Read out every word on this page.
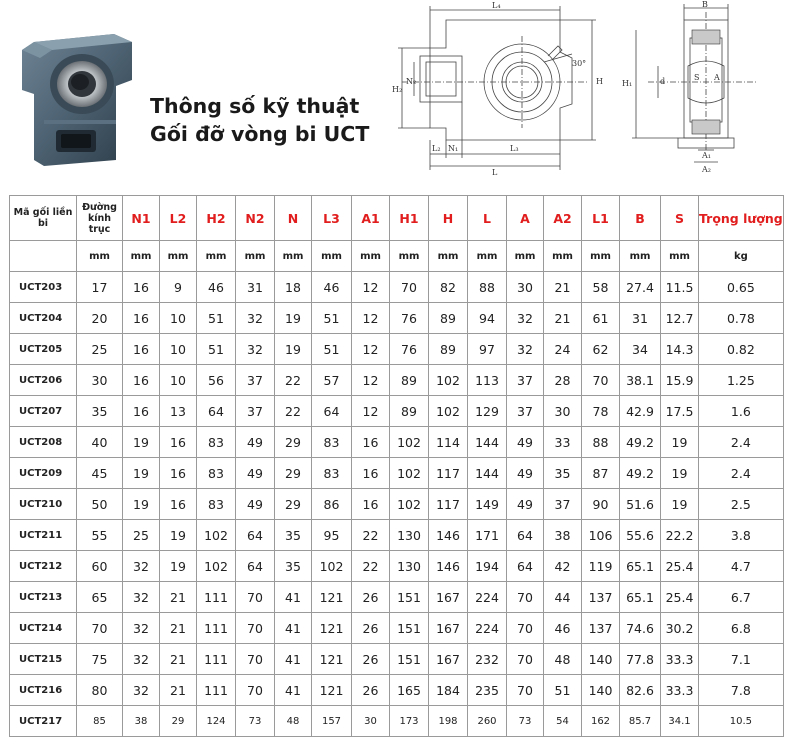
Thông số kỹ thuật
Gối đỡ vòng bi UCT
L₄
H₂
N₂
30°
H
L₂ N₁	L₃
L
B
H₁	d	S A
A₁
A₂
Mã gối liền bi	Đường kính trục	N1	L2	H2	N2	N	L3	A1	H1	H	L	A	A2	L1	B	S	Trọng lượng
	mm	mm	mm	mm	mm	mm	mm	mm	mm	mm	mm	mm	mm	mm	mm	mm	kg
UCT203	17	16	9	46	31	18	46	12	70	82	88	30	21	58	27.4	11.5	0.65
UCT204	20	16	10	51	32	19	51	12	76	89	94	32	21	61	31	12.7	0.78
UCT205	25	16	10	51	32	19	51	12	76	89	97	32	24	62	34	14.3	0.82
UCT206	30	16	10	56	37	22	57	12	89	102	113	37	28	70	38.1	15.9	1.25
UCT207	35	16	13	64	37	22	64	12	89	102	129	37	30	78	42.9	17.5	1.6
UCT208	40	19	16	83	49	29	83	16	102	114	144	49	33	88	49.2	19	2.4
UCT209	45	19	16	83	49	29	83	16	102	117	144	49	35	87	49.2	19	2.4
UCT210	50	19	16	83	49	29	86	16	102	117	149	49	37	90	51.6	19	2.5
UCT211	55	25	19	102	64	35	95	22	130	146	171	64	38	106	55.6	22.2	3.8
UCT212	60	32	19	102	64	35	102	22	130	146	194	64	42	119	65.1	25.4	4.7
UCT213	65	32	21	111	70	41	121	26	151	167	224	70	44	137	65.1	25.4	6.7
UCT214	70	32	21	111	70	41	121	26	151	167	224	70	46	137	74.6	30.2	6.8
UCT215	75	32	21	111	70	41	121	26	151	167	232	70	48	140	77.8	33.3	7.1
UCT216	80	32	21	111	70	41	121	26	165	184	235	70	51	140	82.6	33.3	7.8
UCT217	85	38	29	124	73	48	157	30	173	198	260	73	54	162	85.7	34.1	10.5
